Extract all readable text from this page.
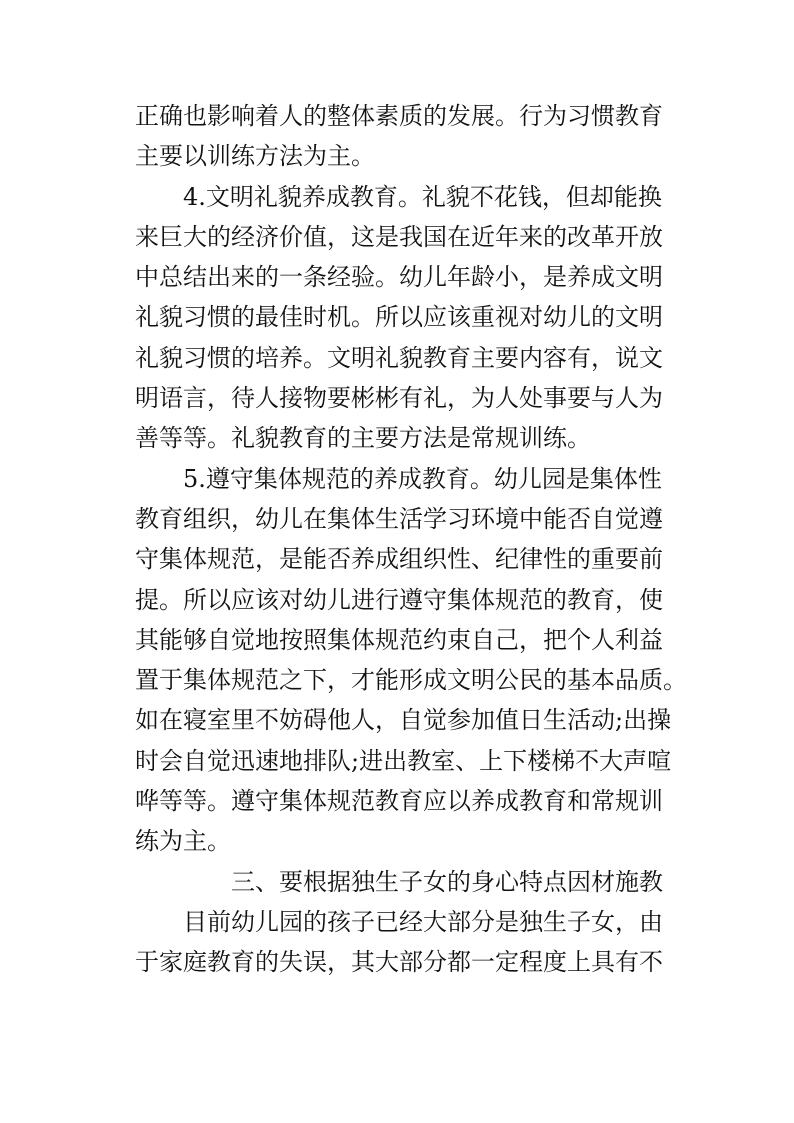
正确也影响着人的整体素质的发展。行为习惯教育
主要以训练方法为主。
4.文明礼貌养成教育。礼貌不花钱，但却能换
来巨大的经济价值，这是我国在近年来的改革开放
中总结出来的一条经验。幼儿年龄小，是养成文明
礼貌习惯的最佳时机。所以应该重视对幼儿的文明
礼貌习惯的培养。文明礼貌教育主要内容有，说文
明语言，待人接物要彬彬有礼，为人处事要与人为
善等等。礼貌教育的主要方法是常规训练。
5.遵守集体规范的养成教育。幼儿园是集体性
教育组织，幼儿在集体生活学习环境中能否自觉遵
守集体规范，是能否养成组织性、纪律性的重要前
提。所以应该对幼儿进行遵守集体规范的教育，使
其能够自觉地按照集体规范约束自己，把个人利益
置于集体规范之下，才能形成文明公民的基本品质。
如在寝室里不妨碍他人，自觉参加值日生活动;出操
时会自觉迅速地排队;进出教室、上下楼梯不大声喧
哗等等。遵守集体规范教育应以养成教育和常规训
练为主。
三、要根据独生子女的身心特点因材施教
目前幼儿园的孩子已经大部分是独生子女，由
于家庭教育的失误，其大部分都一定程度上具有不
